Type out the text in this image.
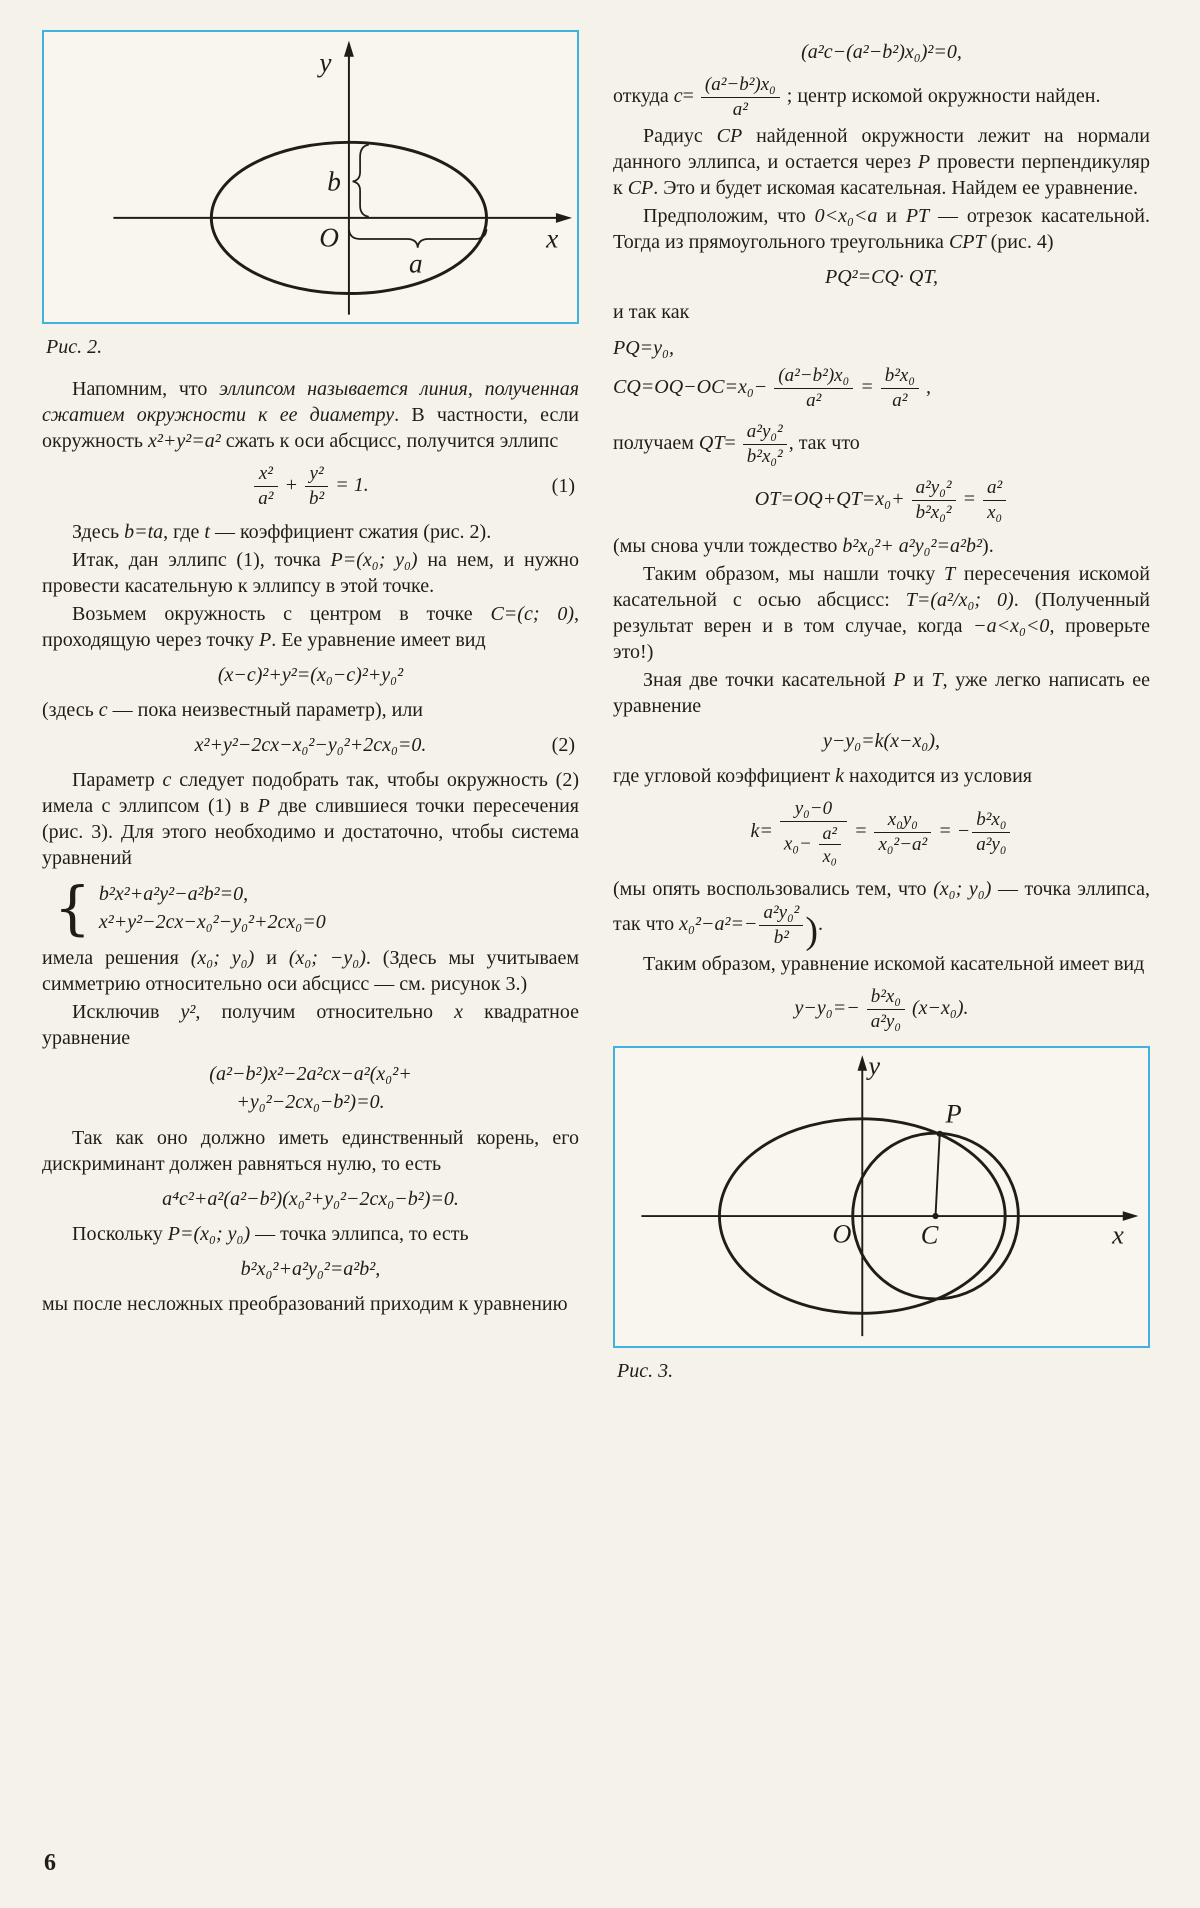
y
x
O
b
a
Рис. 2.

Напомним, что эллипсом называется линия, полученная сжатием окружности к ее диаметру. В частности, если окружность x²+y²=a² сжать к оси абсцисс, получится эллипс

$\frac{\text{x²}}{\text{a²}} + \frac{\text{y²}}{\text{b²}} = 1$.	(1)

Здесь b=ta, где t — коэффициент сжатия (рис. 2).

Итак, дан эллипс (1), точка P=(x₀; y₀) на нем, и нужно провести касательную к эллипсу в этой точке.

Возьмем окружность с центром в точке C=(c; 0), проходящую через точку P. Ее уравнение имеет вид

(x−c)²+y²=(x₀−c)²+y₀²

(здесь c — пока неизвестный параметр), или

x²+y²−2cx−x₀²−y₀²+2cx₀=0.	(2)

Параметр c следует подобрать так, чтобы окружность (2) имела с эллипсом (1) в P две слившиеся точки пересечения (рис. 3). Для этого необходимо и достаточно, чтобы система уравнений

{ b²x²+a²y²−a²b²=0,
x²+y²−2cx−x₀²−y₀²+2cx₀=0

имела решения (x₀; y₀) и (x₀; −y₀). (Здесь мы учитываем симметрию относительно оси абсцисс — см. рисунок 3.)

Исключив y², получим относительно x квадратное уравнение

(a²−b²)x²−2a²cx−a²(x₀²+
+y₀²−2cx₀−b²)=0.

Так как оно должно иметь единственный корень, его дискриминант должен равняться нулю, то есть

a⁴c²+a²(a²−b²)(x₀²+y₀²−2cx₀−b²)=0.

Поскольку P=(x₀; y₀) — точка эллипса, то есть

b²x₀²+a²y₀²=a²b²,

мы после несложных преобразований приходим к уравнению

(a²c−(a²−b²)x₀)²=0,

откуда $c= \frac{\text{(a²−b²)x₀}}{\text{a²}}$ ; центр искомой окружности найден.

Радиус CP найденной окружности лежит на нормали данного эллипса, и остается через P провести перпендикуляр к CP. Это и будет искомая касательная. Найдем ее уравнение.

Предположим, что 0<x₀<a и PT — отрезок касательной. Тогда из прямоугольного треугольника CPT (рис. 4)

PQ²=CQ· QT,

и так как

PQ=y₀,
$CQ=OQ-OC=x_0- \frac{\text{(a²−b²)x₀}}{\text{a²}} = \frac{\text{b²x₀}}{\text{a²}}$ ,

получаем $QT= \frac{\text{a²y₀²}}{\text{b²x₀²}}$ , так что

$OT=OQ+QT=x_0+ \frac{\text{a²y₀²}}{\text{b²x₀²}} = \frac{\text{a²}}{\text{x₀}}$

(мы снова учли тождество b²x₀²+ a²y₀²=a²b²).

Таким образом, мы нашли точку T пересечения искомой касательной с осью абсцисс: T=(a²/x₀; 0). (Полученный результат верен и в том случае, когда −a<x₀<0, проверьте это!)

Зная две точки касательной P и T, уже легко написать ее уравнение

y−y₀=k(x−x₀),

где угловой коэффициент k находится из условия

$k= \frac{\text{y₀−0}}{x_0- \frac{\text{a²}}{\text{x₀}}} = \frac{\text{x₀y₀}}{\text{x₀²−a²}}$ = − $\frac{\text{b²x₀}}{\text{a²y₀}}$

(мы опять воспользовались тем, что (x₀; y₀) — точка эллипса, так что $x_0^2-a^2=- \frac{\text{a²y₀²}}{\text{b²}}$ ).

Таким образом, уравнение искомой касательной имеет вид

$y-y_0=- \frac{\text{b²x₀}}{\text{a²y₀}} (x-x_0)$.
y
x
O	C
P
Рис. 3.
6
